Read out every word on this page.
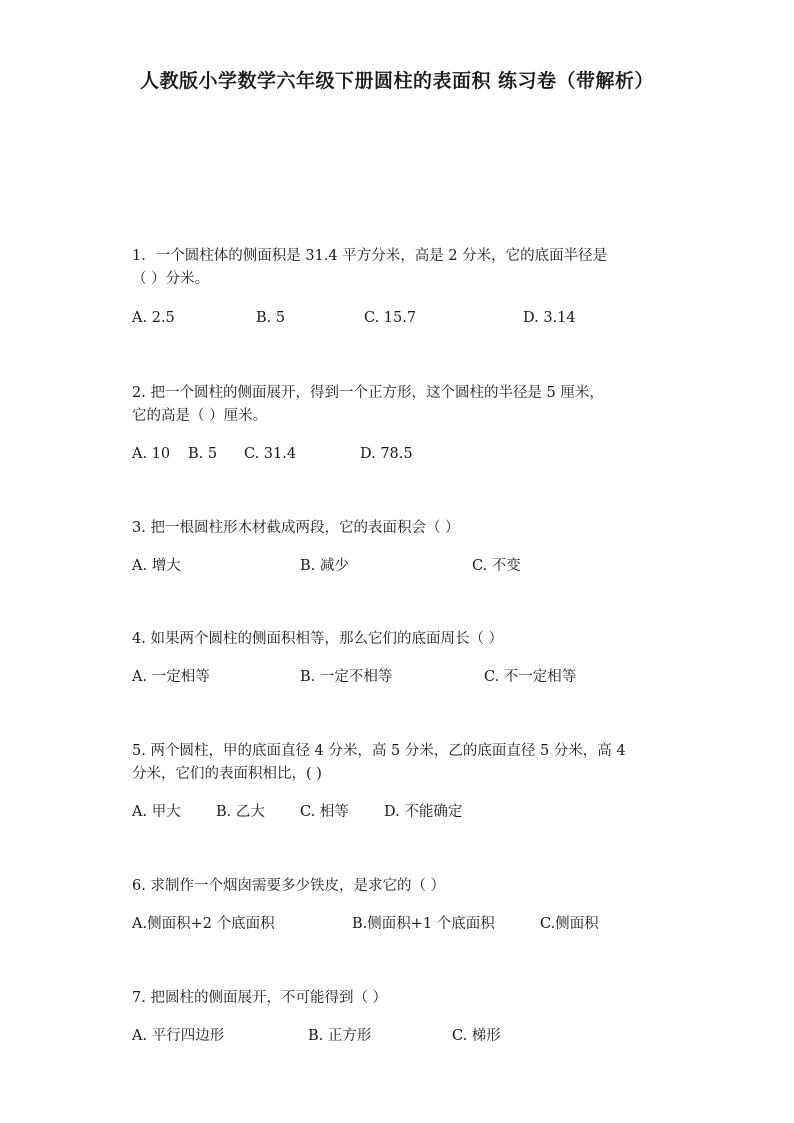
人教版小学数学六年级下册圆柱的表面积 练习卷（带解析）
1．一个圆柱体的侧面积是 31.4 平方分米，高是 2 分米，它的底面半径是
（ ）分米。
A. 2.5	B. 5	C. 15.7	D. 3.14
2. 把一个圆柱的侧面展开，得到一个正方形，这个圆柱的半径是 5 厘米，
它的高是（ ）厘米。
A. 10 B. 5 C. 31.4	D. 78.5
3. 把一根圆柱形木材截成两段，它的表面积会（ ）
A. 增大	B. 减少	C. 不变
4. 如果两个圆柱的侧面积相等，那么它们的底面周长（ ）
A. 一定相等	B. 一定不相等	C. 不一定相等
5. 两个圆柱，甲的底面直径 4 分米，高 5 分米，乙的底面直径 5 分米，高 4
分米，它们的表面积相比，( )
A. 甲大 B. 乙大 C. 相等 D. 不能确定
6. 求制作一个烟囱需要多少铁皮，是求它的（ ）
A.侧面积+2 个底面积	B.侧面积+1 个底面积	C.侧面积
7. 把圆柱的侧面展开，不可能得到（ ）
A. 平行四边形	B. 正方形	C. 梯形
